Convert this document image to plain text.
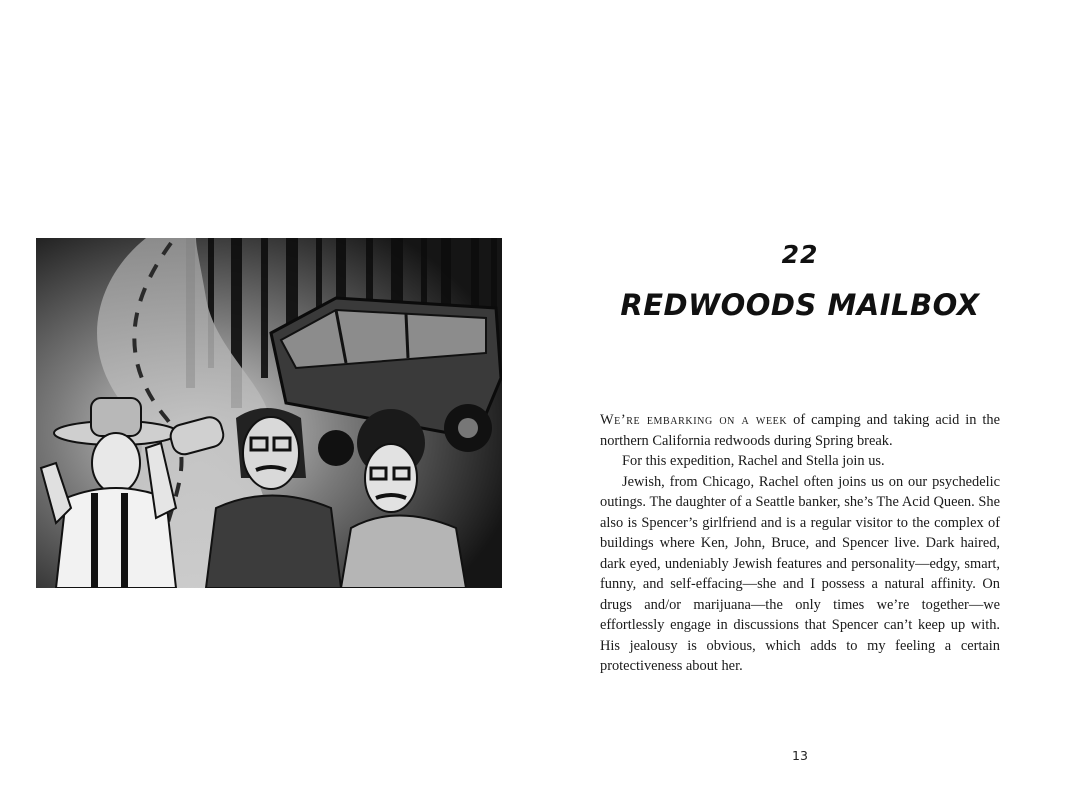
22
REDWOODS MAILBOX

We’re embarking on a week of camping and taking acid in the northern California redwoods during Spring break.

For this expedition, Rachel and Stella join us.

Jewish, from Chicago, Rachel often joins us on our psychedelic outings. The daughter of a Seattle banker, she’s The Acid Queen. She also is Spencer’s girlfriend and is a regular visitor to the complex of buildings where Ken, John, Bruce, and Spencer live. Dark haired, dark eyed, undeniably Jewish features and personality—edgy, smart, funny, and self-effacing—she and I possess a natural affinity. On drugs and/or marijuana—the only times we’re together—we effortlessly engage in discussions that Spencer can’t keep up with. His jealousy is obvious, which adds to my feeling a certain protectiveness about her.

13
